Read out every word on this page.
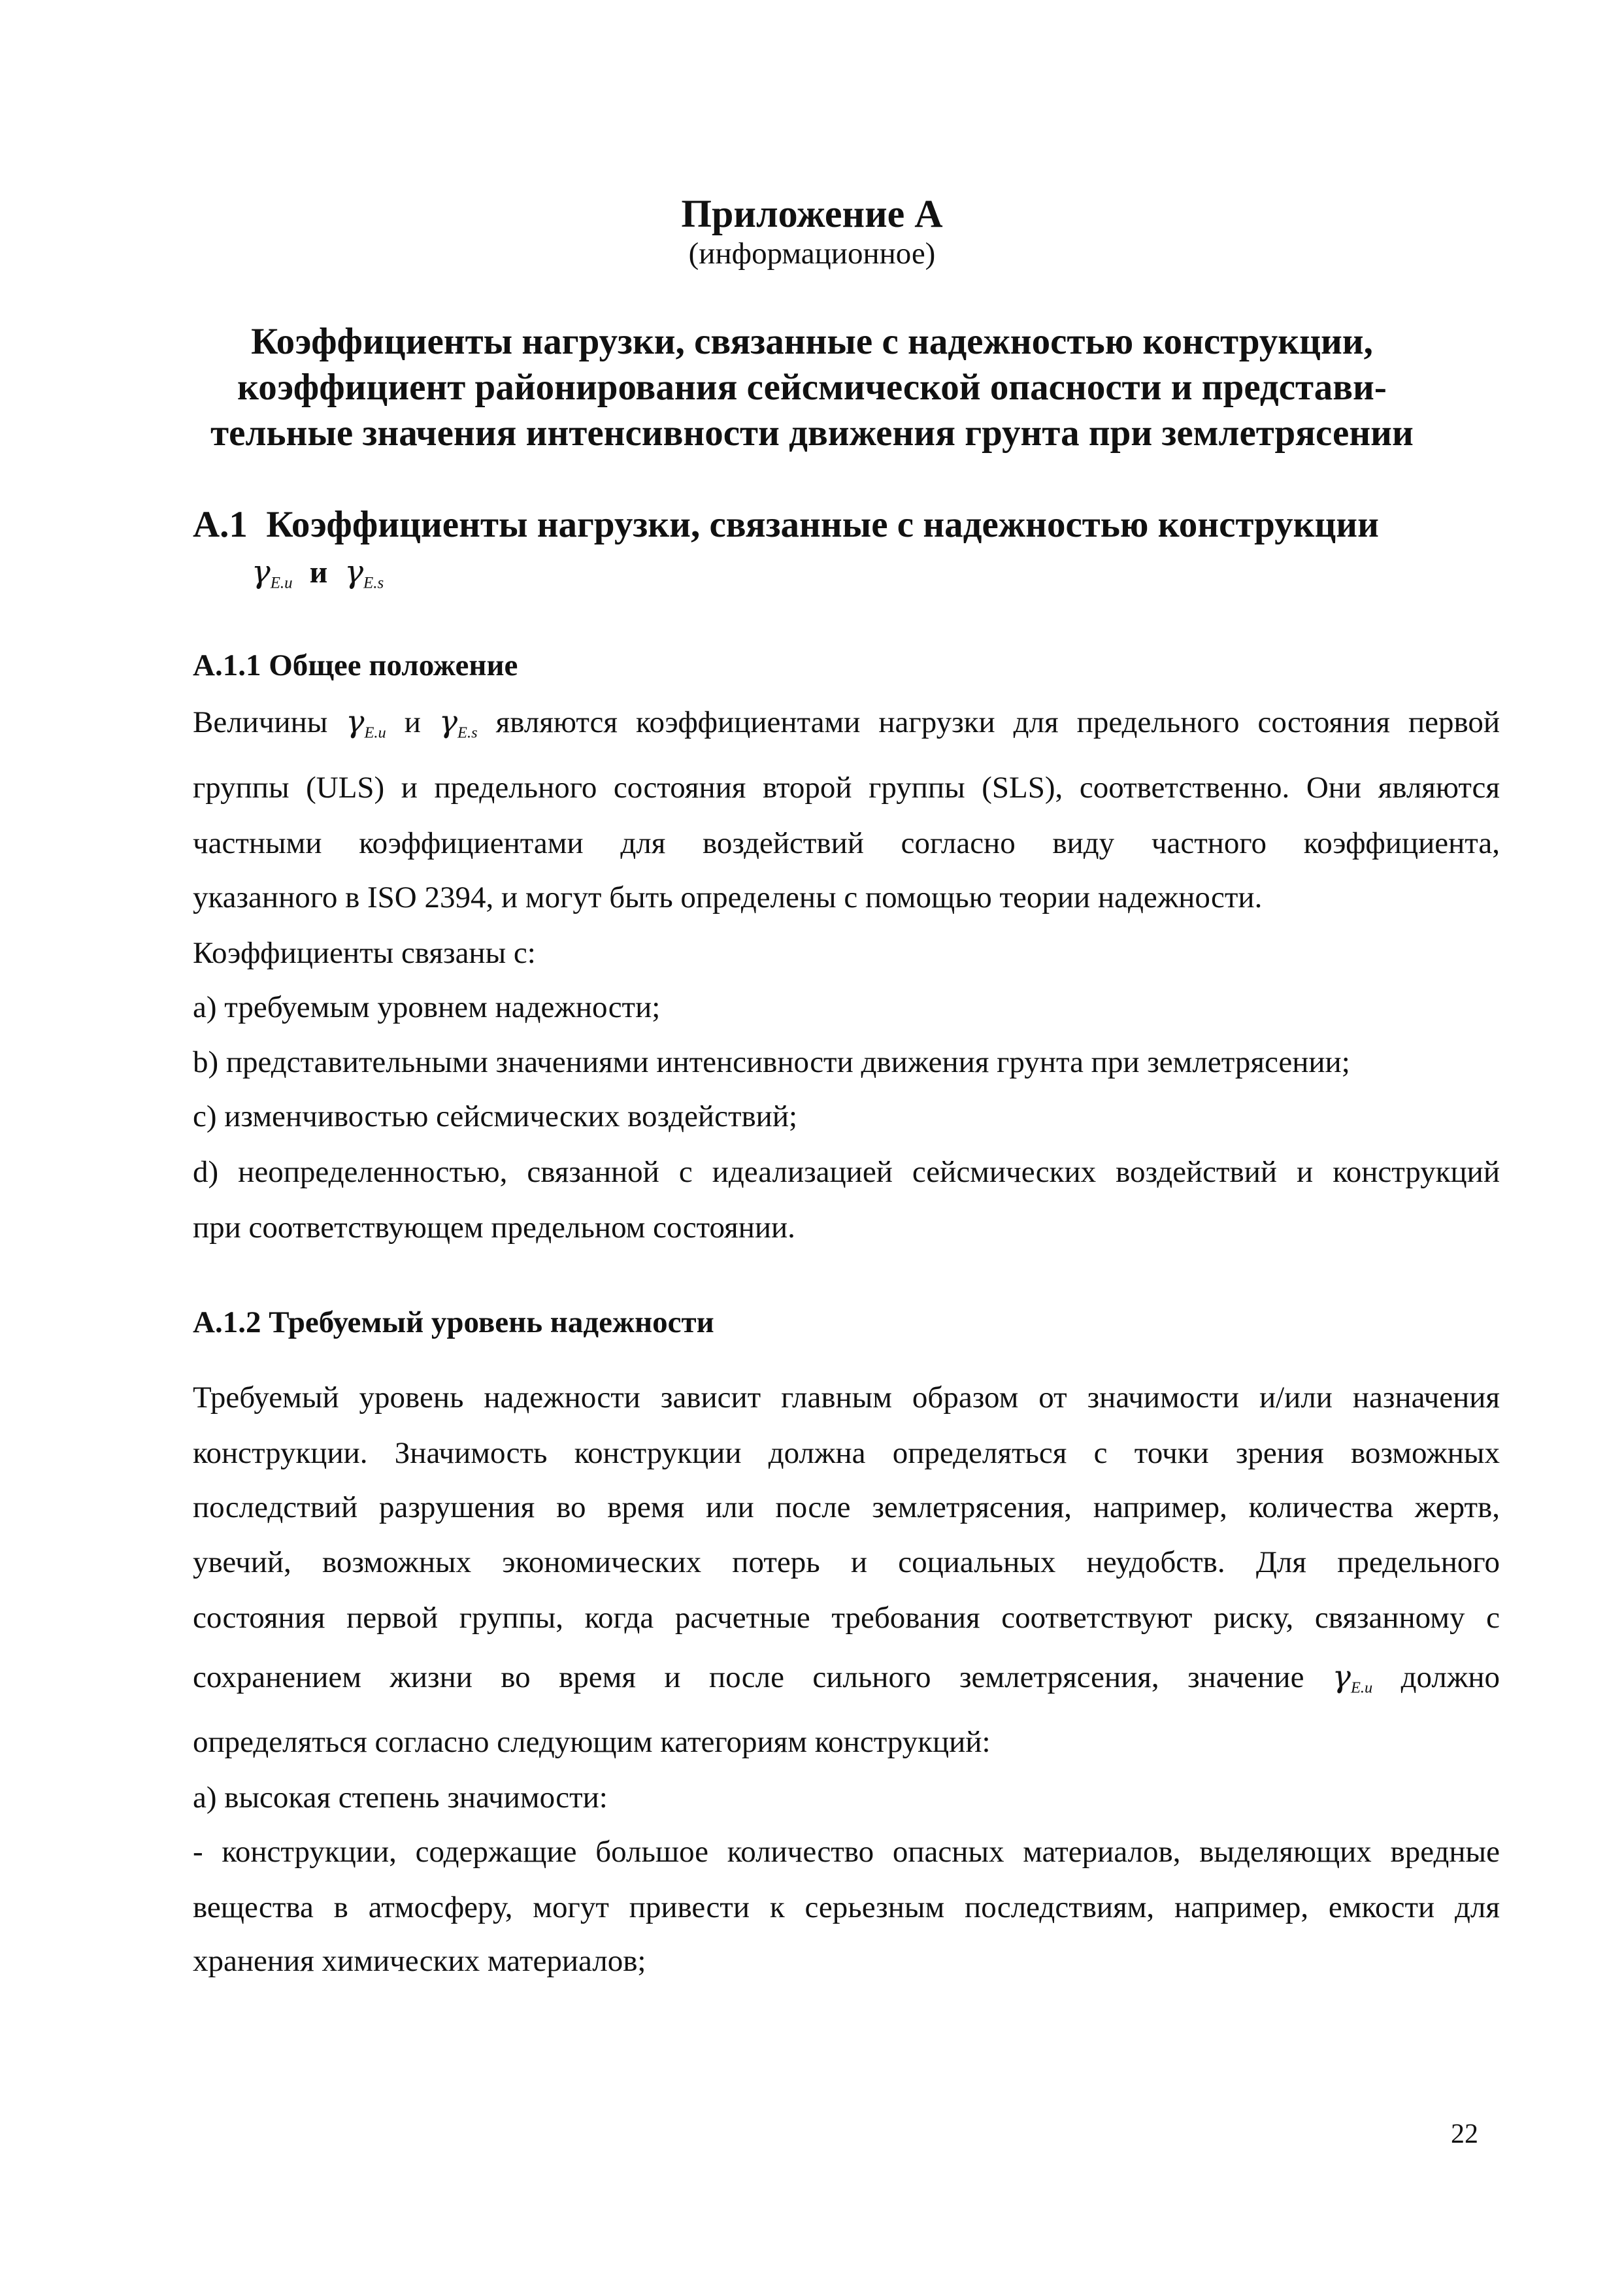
Приложение А
(информационное)
Коэффициенты нагрузки, связанные с надежностью конструкции,
коэффициент районирования сейсмической опасности и представи-
тельные значения интенсивности движения грунта при землетрясении
А.1 Коэффициенты нагрузки, связанные с надежностью конструкции
$\gamma_{E.u}$ и $\gamma_{E.s}$
А.1.1 Общее положение
Величины $\gamma_{E.u}$ и $\gamma_{E.s}$ являются коэффициентами нагрузки для предельного состояния первой
группы (ULS) и предельного состояния второй группы (SLS), соответственно. Они являются
частными коэффициентами для воздействий согласно виду частного коэффициента,
указанного в ISO 2394, и могут быть определены с помощью теории надежности.
Коэффициенты связаны с:
a) требуемым уровнем надежности;
b) представительными значениями интенсивности движения грунта при землетрясении;
c) изменчивостью сейсмических воздействий;
d) неопределенностью, связанной с идеализацией сейсмических воздействий и конструкций
при соответствующем предельном состоянии.
А.1.2 Требуемый уровень надежности
Требуемый уровень надежности зависит главным образом от значимости и/или назначения
конструкции. Значимость конструкции должна определяться с точки зрения возможных
последствий разрушения во время или после землетрясения, например, количества жертв,
увечий, возможных экономических потерь и социальных неудобств. Для предельного
состояния первой группы, когда расчетные требования соответствуют риску, связанному с
сохранением жизни во время и после сильного землетрясения, значение $\gamma_{E.u}$ должно
определяться согласно следующим категориям конструкций:
a) высокая степень значимости:
- конструкции, содержащие большое количество опасных материалов, выделяющих вредные
вещества в атмосферу, могут привести к серьезным последствиям, например, емкости для
хранения химических материалов;
22
